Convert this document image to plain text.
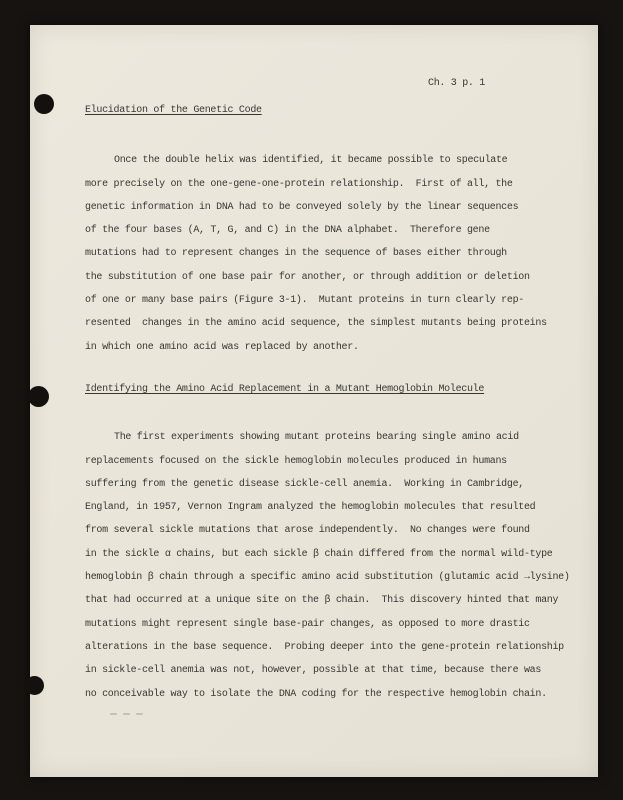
Ch. 3 p. 1
Elucidation of the Genetic Code
Once the double helix was identified, it became possible to speculate
more precisely on the one-gene-one-protein relationship.  First of all, the
genetic information in DNA had to be conveyed solely by the linear sequences
of the four bases (A, T, G, and C) in the DNA alphabet.  Therefore gene
mutations had to represent changes in the sequence of bases either through
the substitution of one base pair for another, or through addition or deletion
of one or many base pairs (Figure 3-1).  Mutant proteins in turn clearly rep-
resented  changes in the amino acid sequence, the simplest mutants being proteins
in which one amino acid was replaced by another.
Identifying the Amino Acid Replacement in a Mutant Hemoglobin Molecule
The first experiments showing mutant proteins bearing single amino acid
replacements focused on the sickle hemoglobin molecules produced in humans
suffering from the genetic disease sickle-cell anemia.  Working in Cambridge,
England, in 1957, Vernon Ingram analyzed the hemoglobin molecules that resulted
from several sickle mutations that arose independently.  No changes were found
in the sickle α chains, but each sickle β chain differed from the normal wild-type
hemoglobin β chain through a specific amino acid substitution (glutamic acid →lysine)
that had occurred at a unique site on the β chain.  This discovery hinted that many
mutations might represent single base-pair changes, as opposed to more drastic
alterations in the base sequence.  Probing deeper into the gene-protein relationship
in sickle-cell anemia was not, however, possible at that time, because there was
no conceivable way to isolate the DNA coding for the respective hemoglobin chain.
